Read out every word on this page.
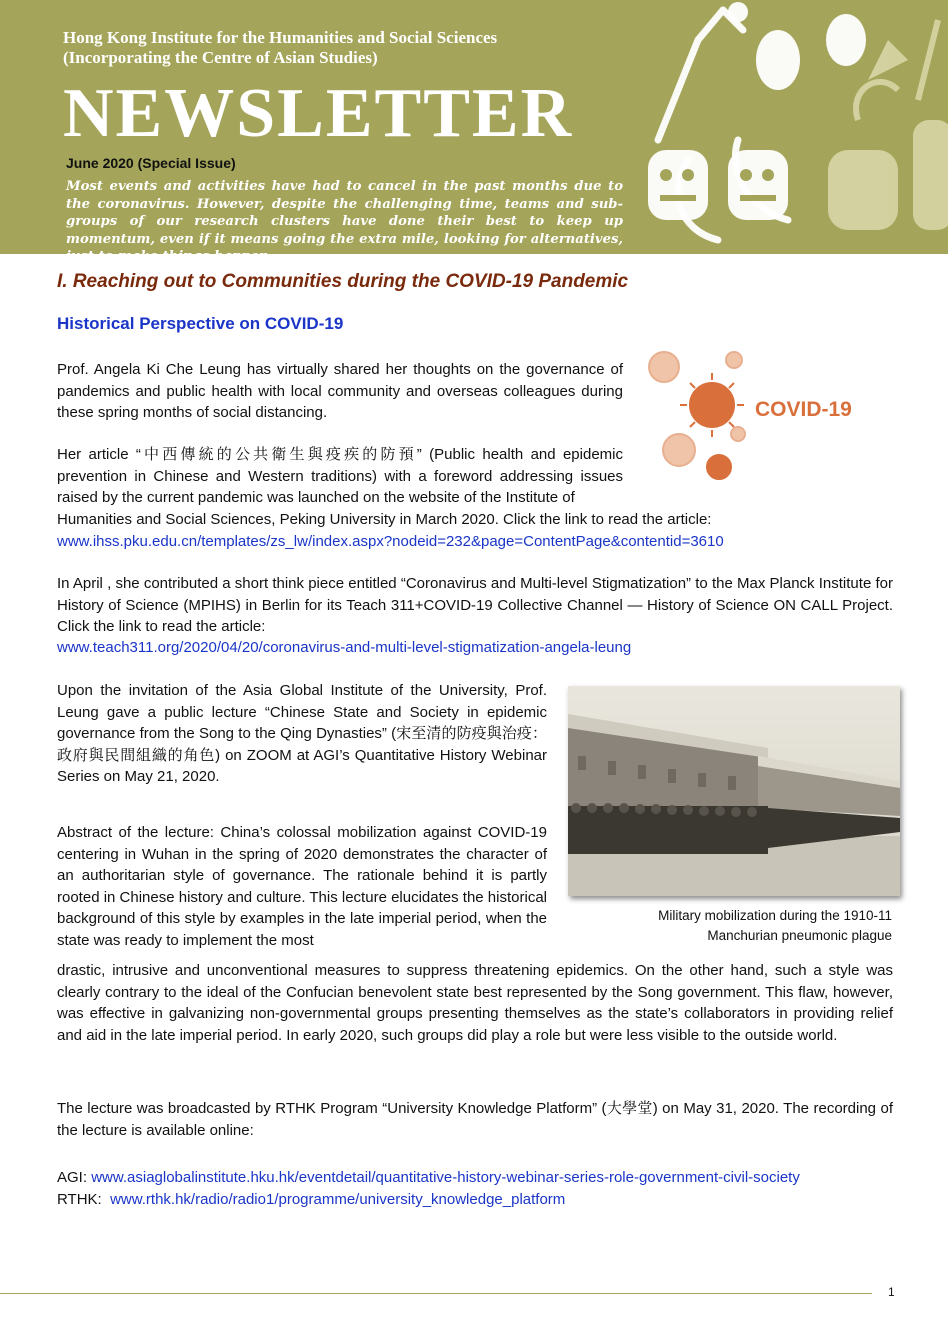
Hong Kong Institute for the Humanities and Social Sciences
(Incorporating the Centre of Asian Studies)
NEWSLETTER
June 2020 (Special Issue)
Most events and activities have had to cancel in the past months due to the coronavirus. However, despite the challenging time, teams and sub-groups of our research clusters have done their best to keep up momentum, even if it means going the extra mile, looking for alternatives, just to make things happen.
I. Reaching out to Communities during the COVID-19 Pandemic
Historical Perspective on COVID-19
COVID-19

Prof. Angela Ki Che Leung has virtually shared her thoughts on the governance of pandemics and public health with local community and overseas colleagues during these spring months of social distancing.

Her article “中西傳統的公共衛生與疫疾的防預” (Public health and epidemic prevention in Chinese and Western traditions) with a foreword addressing issues raised by the current pandemic was launched on the website of the Institute of

Humanities and Social Sciences, Peking University in March 2020. Click the link to read the article:

www.ihss.pku.edu.cn/templates/zs_lw/index.aspx?nodeid=232&page=ContentPage&contentid=3610

In April , she contributed a short think piece entitled “Coronavirus and Multi-level Stigmatization” to the Max Planck Institute for History of Science (MPIHS) in Berlin for its Teach 311+COVID-19 Collective Channel — History of Science ON CALL Project. Click the link to read the article:

www.teach311.org/2020/04/20/coronavirus-and-multi-level-stigmatization-angela-leung

Upon the invitation of the Asia Global Institute of the University, Prof. Leung gave a public lecture “Chinese State and Society in epidemic governance from the Song to the Qing Dynasties” (宋至清的防疫與治疫：政府與民間組織的角色) on ZOOM at AGI’s Quantitative History Webinar Series on May 21, 2020.

Abstract of the lecture: China’s colossal mobilization against COVID-19 centering in Wuhan in the spring of 2020 demonstrates the character of an authoritarian style of governance. The rationale behind it is partly rooted in Chinese history and culture. This lecture elucidates the historical background of this style by examples in the late imperial period, when the state was ready to implement the most

drastic, intrusive and unconventional measures to suppress threatening epidemics. On the other hand, such a style was clearly contrary to the ideal of the Confucian benevolent state best represented by the Song government. This flaw, however, was effective in galvanizing non-governmental groups presenting themselves as the state’s collaborators in providing relief and aid in the late imperial period. In early 2020, such groups did play a role but were less visible to the outside world.

The lecture was broadcasted by RTHK Program “University Knowledge Platform” (大學堂) on May 31, 2020. The recording of the lecture is available online:

AGI: www.asiaglobalinstitute.hku.hk/eventdetail/quantitative-history-webinar-series-role-government-civil-society

RTHK: www.rthk.hk/radio/radio1/programme/university_knowledge_platform

Military mobilization during the 1910-11
Manchurian pneumonic plague
1
